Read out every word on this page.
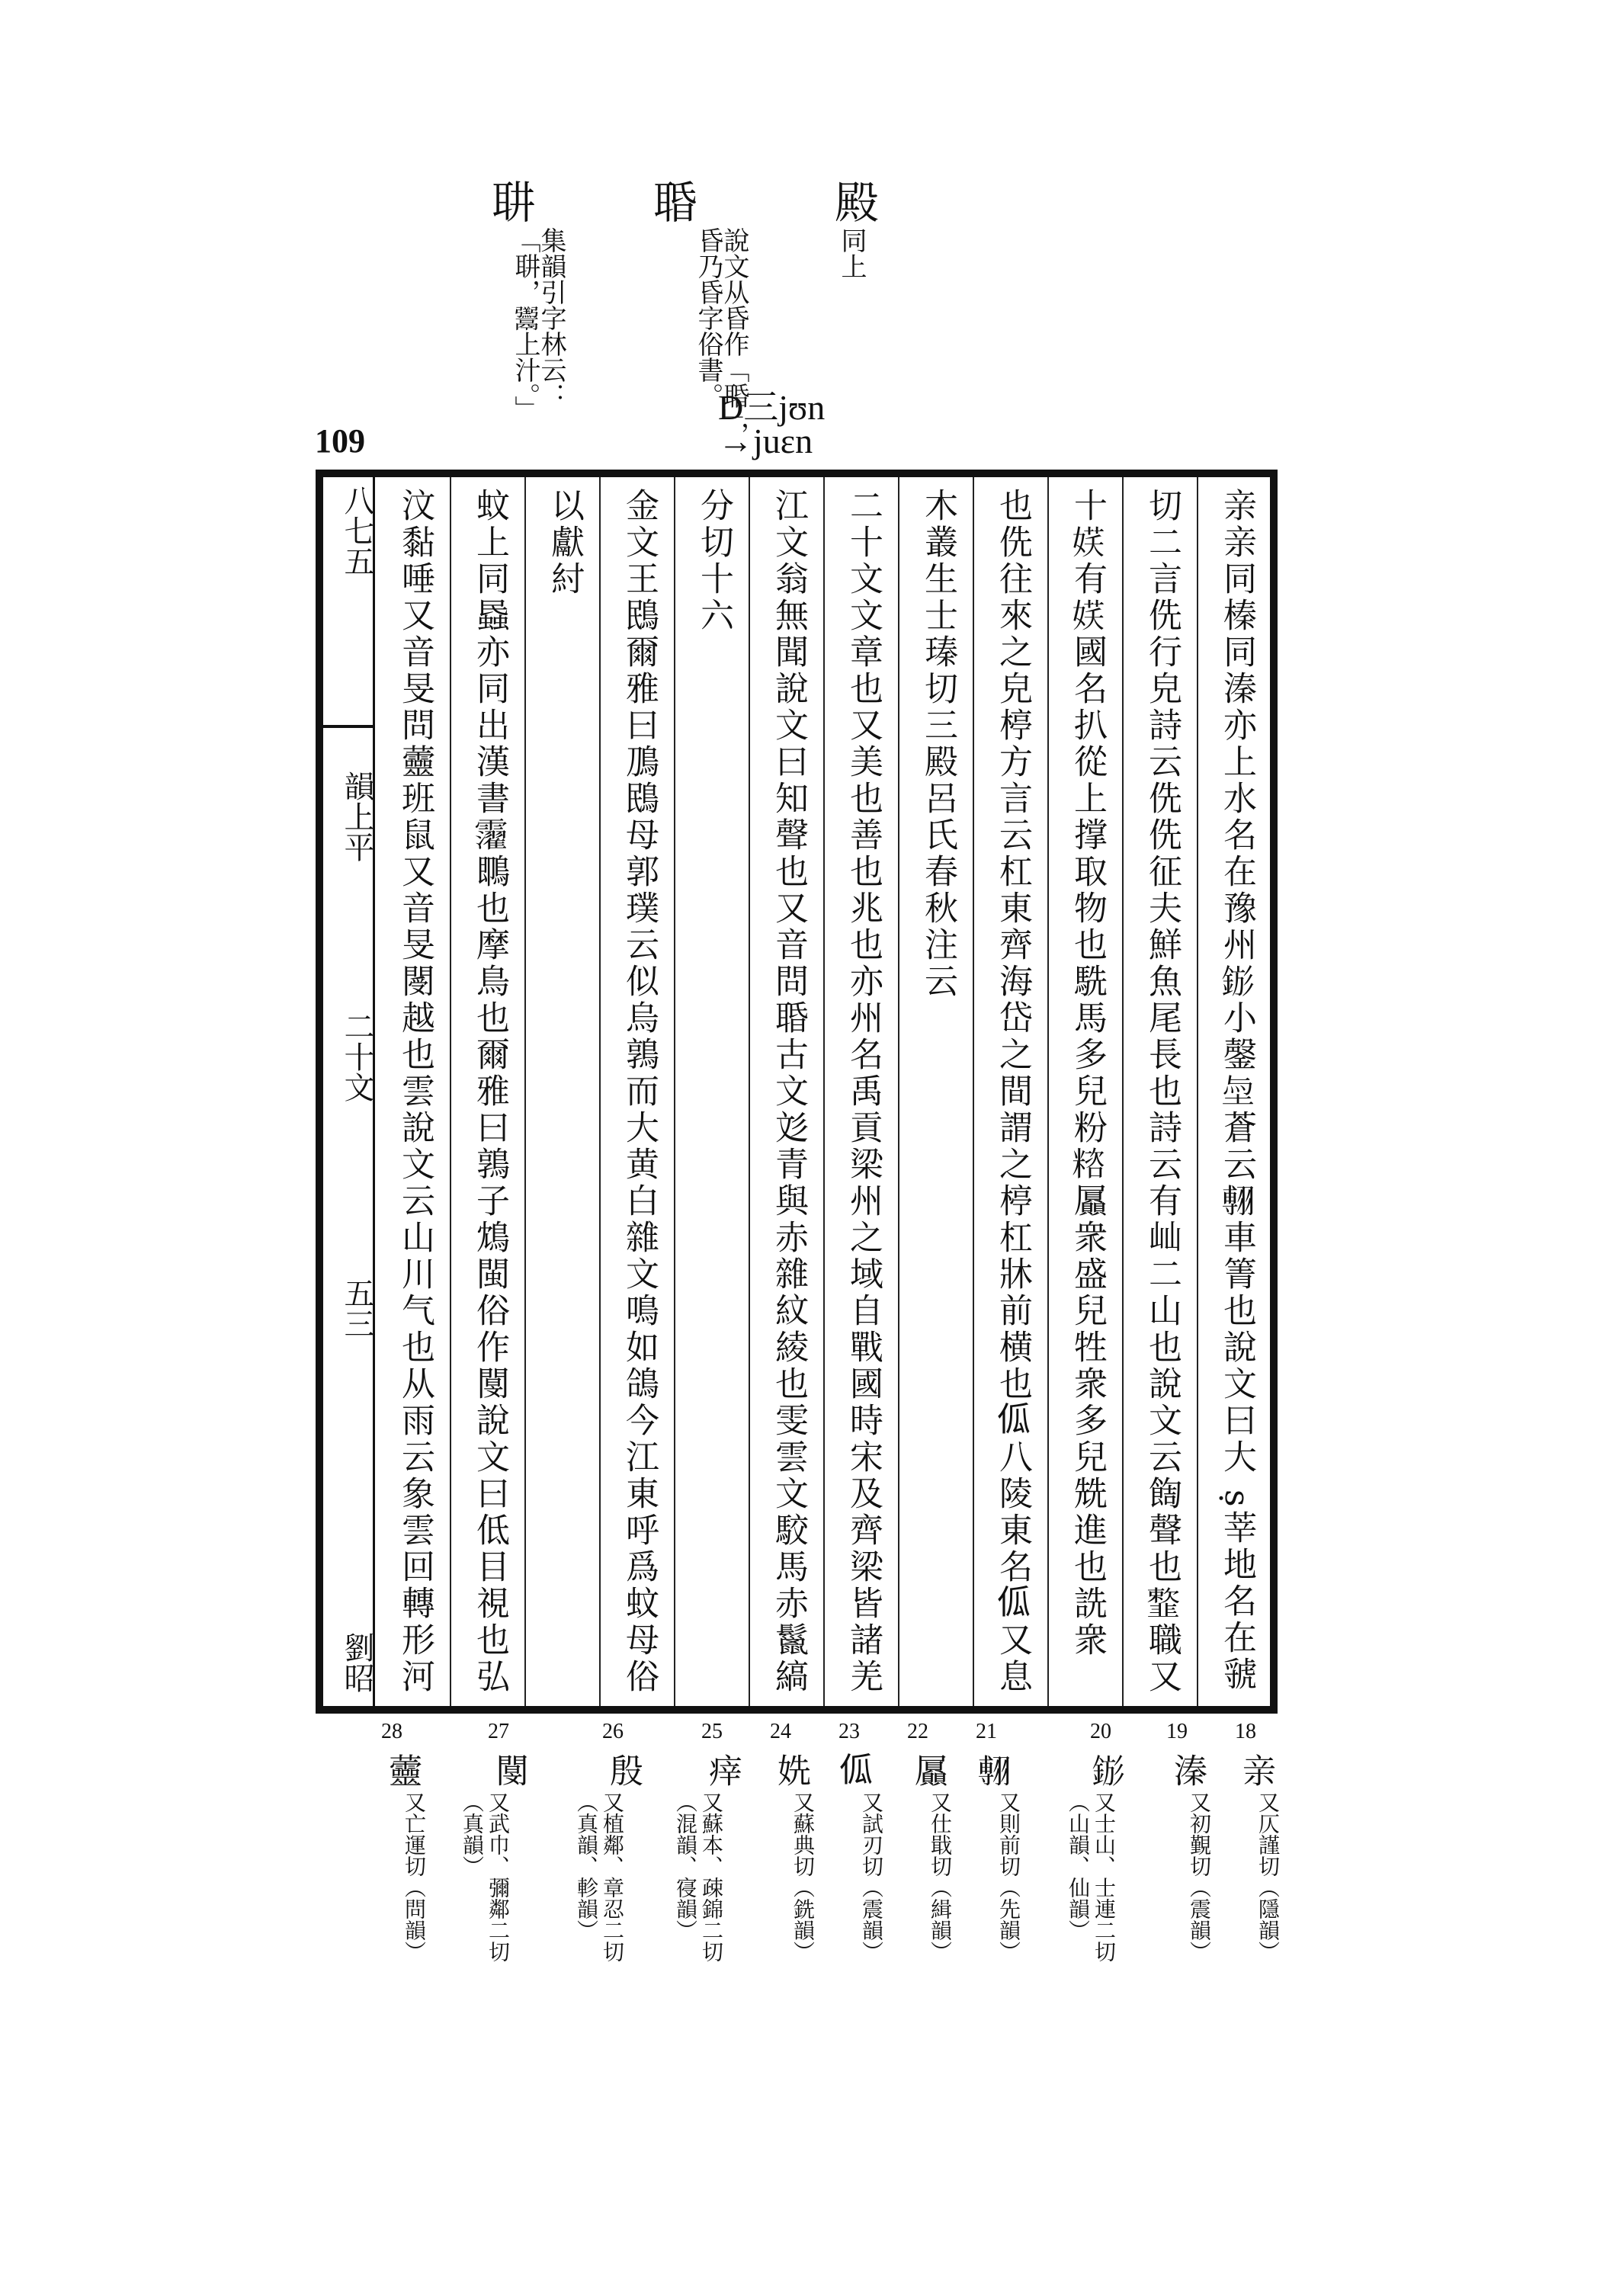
109
殿
同上
䎽
說文从昏作「䎽」，昏乃昏字俗書。
D三jʊn
→juɛn
䎴
集韻引字林云：「䎴，𩱧上汁。」
八七五
韻上平
二十文
五三
劉昭
亲亲同榛同溱亦上水名在豫州𨧗小鏧𡋬蒼云𦑵車箐也說文曰大 ṣ莘地名在虢
切二言侁行皃詩云侁侁征夫鮮魚尾長也詩云有屾二山也說文云䭇聲也𩐋職又
十𡝩有𡝩國名扒從上撑取物也駪馬多兒粉𥻓屭衆盛兒牲衆多兒兟進也詵衆
也侁往來之皃楟方言云杠東齊海岱之間謂之楟杠牀前横也𠇗八陵東名𠇗又息
木叢生士瑧切三殿呂氏春秋注云
二十文文章也又美也善也兆也亦州名禹貢梁州之域自戰國時宋及齊梁皆諸羌
江文翁無聞說文曰知聲也又音問䎽古文彣青與赤雜紋綾也雯雲文駮馬赤鬣縞
分切十六
金文王鴖爾雅曰鳭鴖母郭璞云似烏鶉而大黄白雜文鳴如鴿今江東呼爲蚊母俗
以獻紂
蚊上同蟁亦同出漢書𩆸䳭也摩鳥也爾雅曰鶉子鴆閩俗作閺說文曰低目視也弘
汶黏唾又音旻問䖅班鼠又音旻閿越也雲說文云山川气也从雨云象雲回轉形河
18
亲
又仄謹切（隱韻）
19
溱
又初覲切（震韻）
20
𨧗
又士山、士連二切（山韻、仙韻）
21
𦑵
又則前切（先韻）
22
屭
又仕戢切（緝韻）
23
𠇗
又試刃切（震韻）
24
姺
又蘇典切（銑韻）
25
㾕
又蘇本、疎錦二切（混韻、寑韻）
26
殷
又植鄰、章忍二切（真韻、軫韻）
27
閺
又武巾、彌鄰二切（真韻）
28
䖅
又亡運切（問韻）
